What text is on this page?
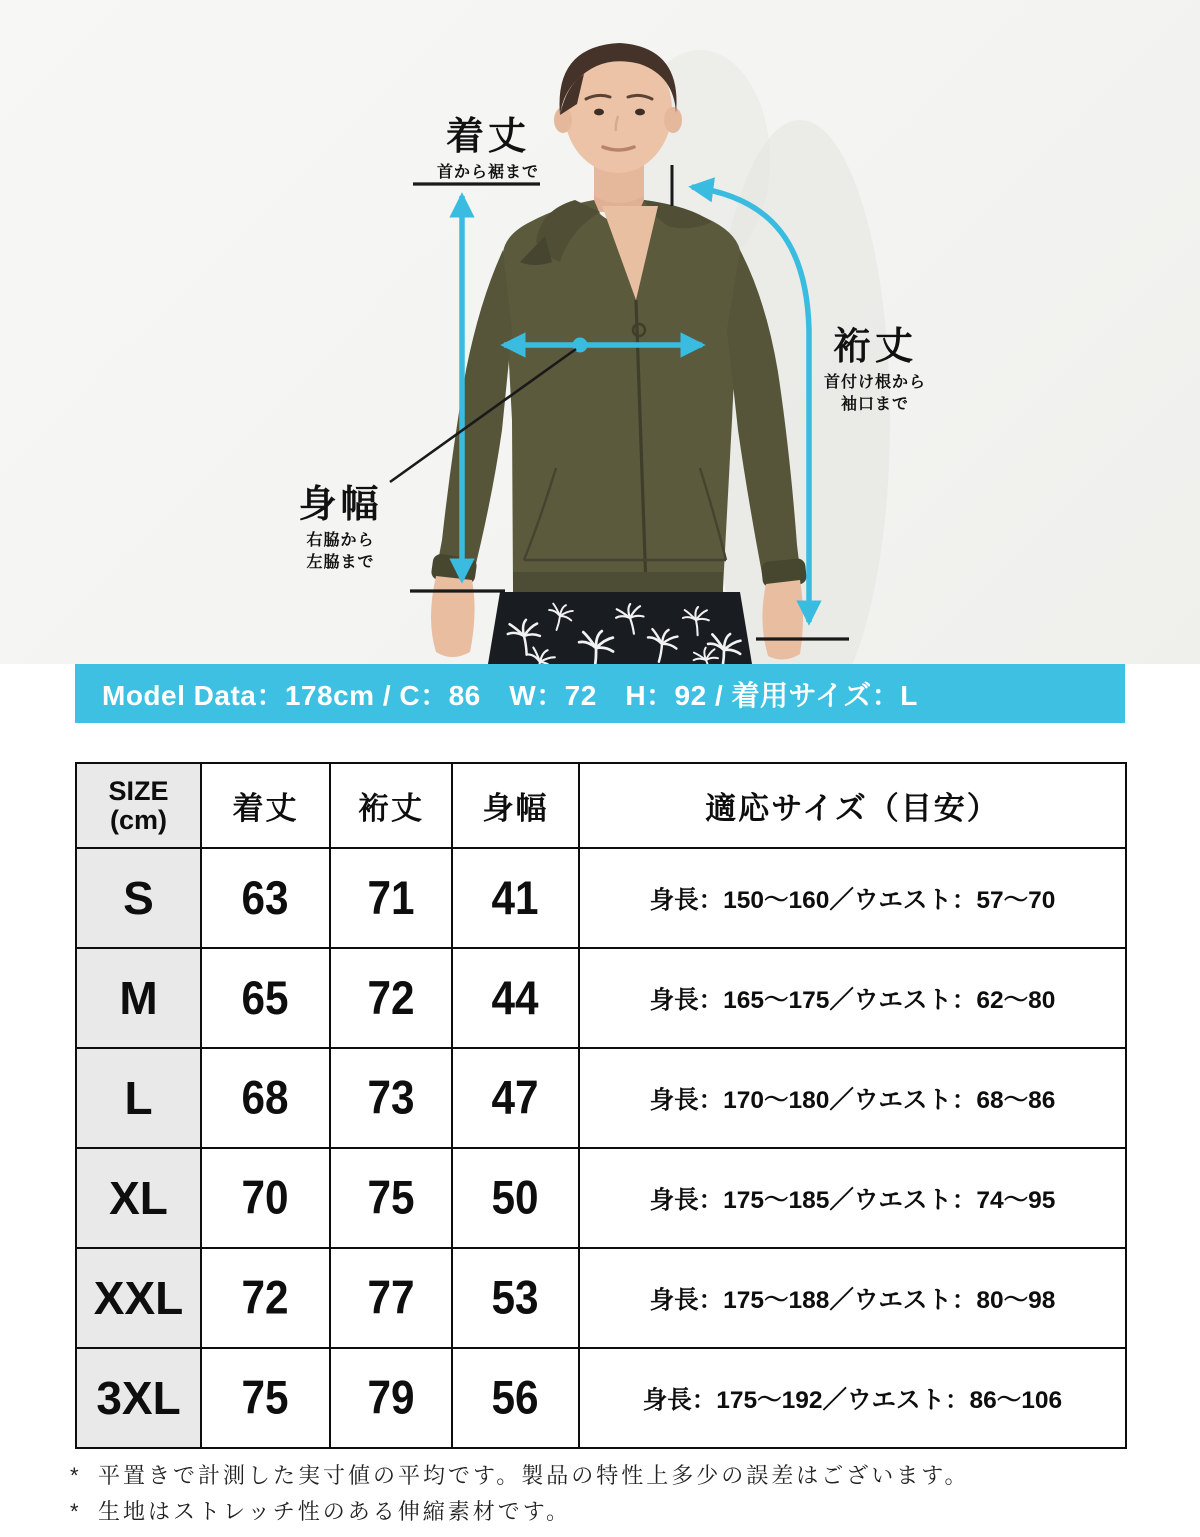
着丈
首から裾まで
裄丈
首付け根から
袖口まで
身幅
右脇から
左脇まで
Model Data：178cm / C：86　W：72　H：92 / 着用サイズ：L
SIZE
(cm)	着丈	裄丈	身幅	適応サイズ（目安）
S	63	71	41	身長：150〜160／ウエスト：57〜70
M	65	72	44	身長：165〜175／ウエスト：62〜80
L	68	73	47	身長：170〜180／ウエスト：68〜86
XL	70	75	50	身長：175〜185／ウエスト：74〜95
XXL	72	77	53	身長：175〜188／ウエスト：80〜98
3XL	75	79	56	身長：175〜192／ウエスト：86〜106
* 平置きで計測した実寸値の平均です。製品の特性上多少の誤差はございます。
* 生地はストレッチ性のある伸縮素材です。
